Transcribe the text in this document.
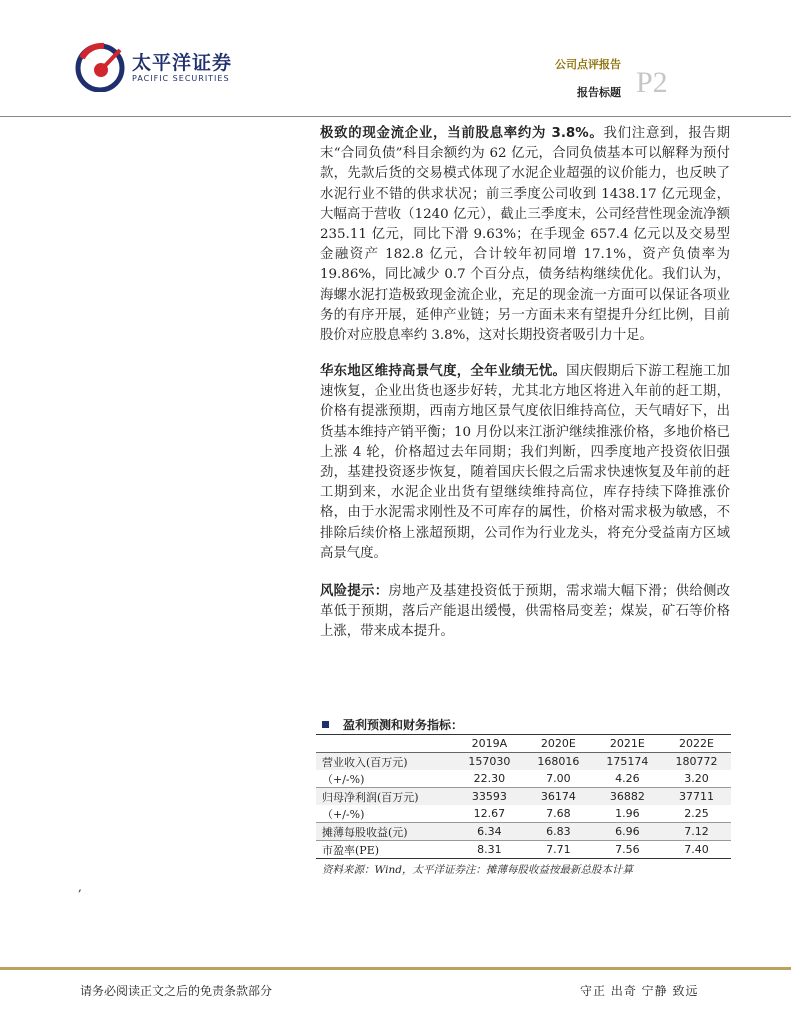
太平洋证券
PACIFIC SECURITIES
公司点评报告
报告标题 P2
极致的现金流企业，当前股息率约为 3.8%。我们注意到，报告期末“合同负债”科目余额约为 62 亿元，合同负债基本可以解释为预付款，先款后货的交易模式体现了水泥企业超强的议价能力，也反映了水泥行业不错的供求状况；前三季度公司收到 1438.17 亿元现金，大幅高于营收（1240 亿元），截止三季度末，公司经营性现金流净额 235.11 亿元，同比下滑 9.63%；在手现金 657.4 亿元以及交易型金融资产 182.8 亿元，合计较年初同增 17.1%，资产负债率为 19.86%，同比减少 0.7 个百分点，债务结构继续优化。我们认为，海螺水泥打造极致现金流企业，充足的现金流一方面可以保证各项业务的有序开展，延伸产业链；另一方面未来有望提升分红比例，目前股价对应股息率约 3.8%，这对长期投资者吸引力十足。
华东地区维持高景气度，全年业绩无忧。国庆假期后下游工程施工加速恢复，企业出货也逐步好转，尤其北方地区将进入年前的赶工期，价格有提涨预期，西南方地区景气度依旧维持高位，天气晴好下，出货基本维持产销平衡；10 月份以来江浙沪继续推涨价格，多地价格已上涨 4 轮，价格超过去年同期；我们判断，四季度地产投资依旧强劲，基建投资逐步恢复，随着国庆长假之后需求快速恢复及年前的赶工期到来，水泥企业出货有望继续维持高位，库存持续下降推涨价格，由于水泥需求刚性及不可库存的属性，价格对需求极为敏感，不排除后续价格上涨超预期，公司作为行业龙头，将充分受益南方区域高景气度。
风险提示：房地产及基建投资低于预期，需求端大幅下滑；供给侧改革低于预期，落后产能退出缓慢，供需格局变差；煤炭，矿石等价格上涨，带来成本提升。
盈利预测和财务指标：
	2019A	2020E	2021E	2022E
营业收入(百万元)	157030	168016	175174	180772
（+/-%)	22.30	7.00	4.26	3.20
归母净利润(百万元)	33593	36174	36882	37711
（+/-%)	12.67	7.68	1.96	2.25
摊薄每股收益(元)	6.34	6.83	6.96	7.12
市盈率(PE)	8.31	7.71	7.56	7.40
资料来源：Wind，太平洋证券注：摊薄每股收益按最新总股本计算
,
请务必阅读正文之后的免责条款部分	守正 出奇 宁静 致远
